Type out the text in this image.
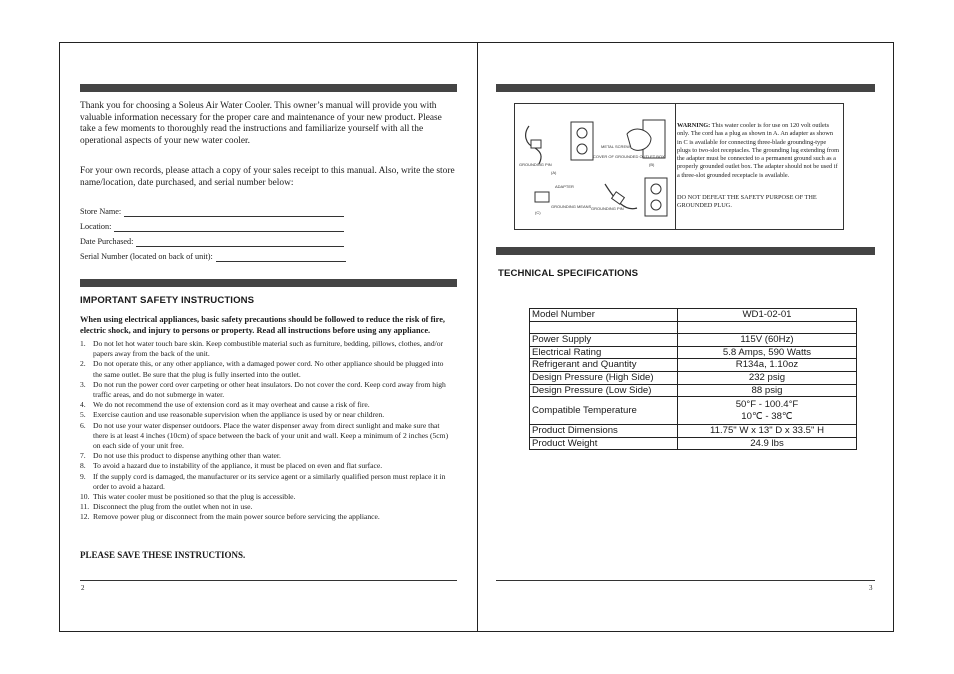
Thank you for choosing a Soleus Air Water Cooler. This owner’s manual will provide you with valuable information necessary for the proper care and maintenance of your new product. Please take a few moments to thoroughly read the instructions and familiarize yourself with all the operational aspects of your new water cooler.
For your own records, please attach a copy of your sales receipt to this manual. Also, write the store name/location, date purchased, and serial number below:
Store Name:
Location:
Date Purchased:
Serial Number (located on back of unit):
IMPORTANT SAFETY INSTRUCTIONS
When using electrical appliances, basic safety precautions should be followed to reduce the risk of fire, electric shock, and injury to persons or property. Read all instructions before using any appliance.
1. Do not let hot water touch bare skin. Keep combustible material such as furniture, bedding, pillows, clothes, and/or papers away from the back of the unit.
2. Do not operate this, or any other appliance, with a damaged power cord. No other appliance should be plugged into the same outlet. Be sure that the plug is fully inserted into the outlet.
3. Do not run the power cord over carpeting or other heat insulators. Do not cover the cord. Keep cord away from high traffic areas, and do not submerge in water.
4. We do not recommend the use of extension cord as it may overheat and cause a risk of fire.
5. Exercise caution and use reasonable supervision when the appliance is used by or near children.
6. Do not use your water dispenser outdoors. Place the water dispenser away from direct sunlight and make sure that there is at least 4 inches (10cm) of space between the back of your unit and wall. Keep a minimum of 2 inches (5cm) on each side of your unit free.
7. Do not use this product to dispense anything other than water.
8. To avoid a hazard due to instability of the appliance, it must be placed on even and flat surface.
9. If the supply cord is damaged, the manufacturer or its service agent or a similarly qualified person must replace it in order to avoid a hazard.
10. This water cooler must be positioned so that the plug is accessible.
11. Disconnect the plug from the outlet when not in use.
12. Remove power plug or disconnect from the main power source before servicing the appliance.
PLEASE SAVE THESE INSTRUCTIONS.
2
GROUNDING PIN
(A)
METAL SCREW
COVER OF GROUNDED OUTLET BOX
(B)
ADAPTER
GROUNDING MEANS
(C)
GROUNDING PIN
WARNING: This water cooler is for use on 120 volt outlets only. The cord has a plug as shown in A. An adapter as shown in C is available for connecting three-blade grounding-type plugs to two-slot receptacles. The grounding lug extending from the adapter must be connected to a permanent ground such as a properly grounded outlet box. The adapter should not be used if a three-slot grounded receptacle is available.
DO NOT DEFEAT THE SAFETY PURPOSE OF THE GROUNDED PLUG.
TECHNICAL SPECIFICATIONS
Model Number	WD1-02-01

Power Supply	115V (60Hz)
Electrical Rating	5.8 Amps, 590 Watts
Refrigerant and Quantity	R134a, 1.10oz
Design Pressure (High Side)	232 psig
Design Pressure (Low Side)	88 psig
Compatible Temperature	50°F - 100.4°F
10℃ - 38℃

Product Dimensions	11.75" W x 13" D x 33.5" H
Product Weight	24.9 lbs
3
